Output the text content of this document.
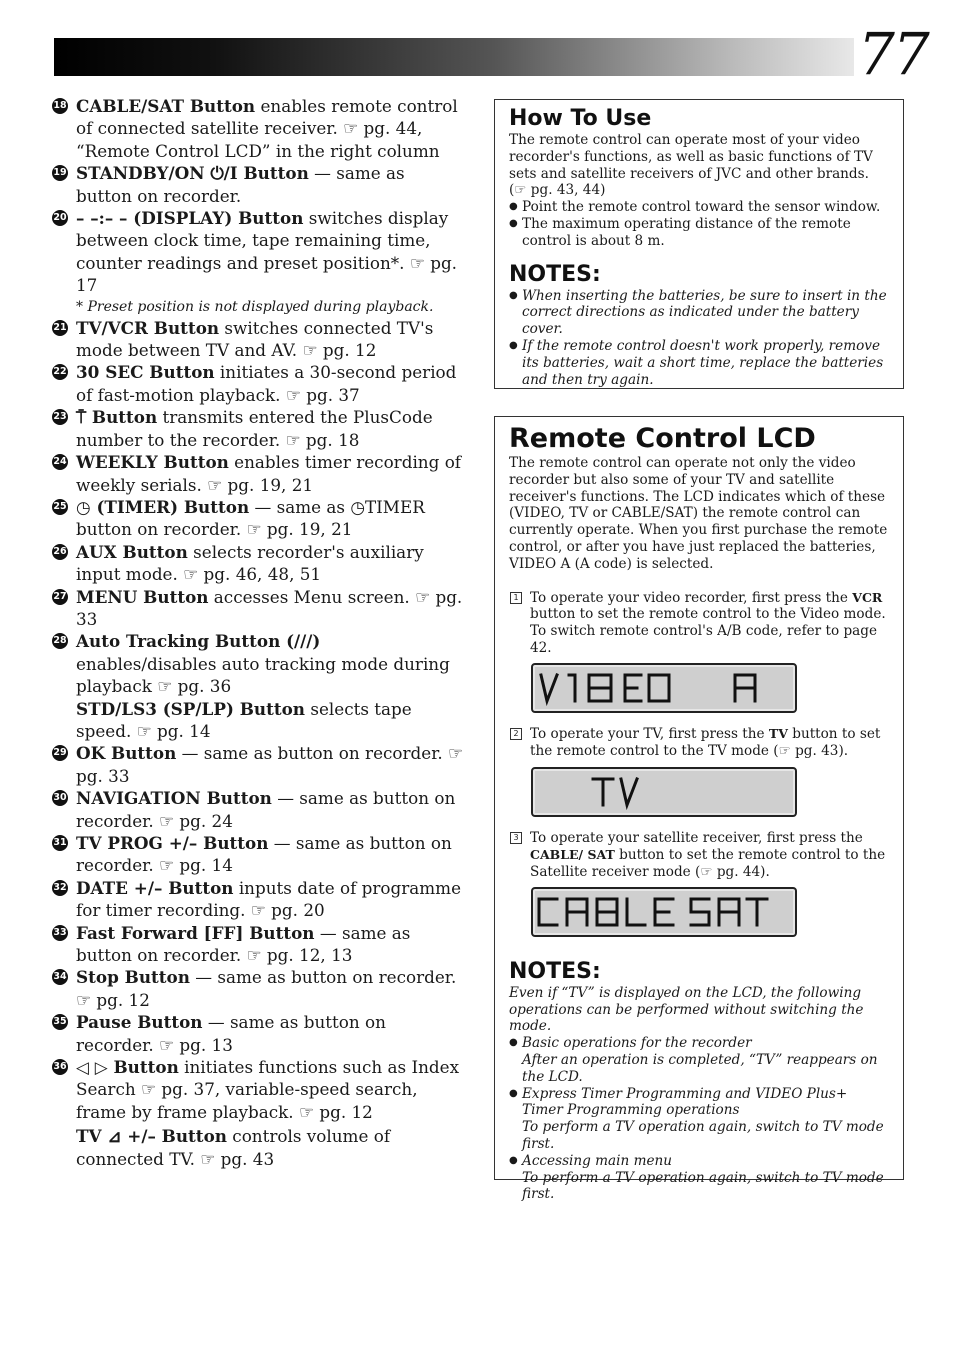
77
18 CABLE/SAT Button enables remote control of connected satellite receiver. ☞ pg. 44, “Remote Control LCD” in the right column
19 STANDBY/ON ⏻/I Button — same as button on recorder.
20 – –:– – (DISPLAY) Button switches display between clock time, tape remaining time, counter readings and preset position*. ☞ pg. 17
* Preset position is not displayed during playback.
21 TV/VCR Button switches connected TV's mode between TV and AV. ☞ pg. 12
22 30 SEC Button initiates a 30-second period of fast-motion playback. ☞ pg. 37
23 ⍑ Button transmits entered the PlusCode number to the recorder. ☞ pg. 18
24 WEEKLY Button enables timer recording of weekly serials. ☞ pg. 19, 21
25 ◷ (TIMER) Button — same as ◷TIMER button on recorder. ☞ pg. 19, 21
26 AUX Button selects recorder's auxiliary input mode. ☞ pg. 46, 48, 51
27 MENU Button accesses Menu screen. ☞ pg. 33
28 Auto Tracking Button (///) enables/disables auto tracking mode during playback ☞ pg. 36
STD/LS3 (SP/LP) Button selects tape speed. ☞ pg. 14
29 OK Button — same as button on recorder. ☞ pg. 33
30 NAVIGATION Button — same as button on recorder. ☞ pg. 24
31 TV PROG +/– Button — same as button on recorder. ☞ pg. 14
32 DATE +/– Button inputs date of programme for timer recording. ☞ pg. 20
33 Fast Forward [FF] Button — same as button on recorder. ☞ pg. 12, 13
34 Stop Button — same as button on recorder. ☞ pg. 12
35 Pause Button — same as button on recorder. ☞ pg. 13
36 ◁ ▷ Button initiates functions such as Index Search ☞ pg. 37, variable-speed search, frame by frame playback. ☞ pg. 12
TV ⊿ +/– Button controls volume of connected TV. ☞ pg. 43
How To Use
The remote control can operate most of your video recorder's functions, as well as basic functions of TV sets and satellite receivers of JVC and other brands.
(☞ pg. 43, 44)
● Point the remote control toward the sensor window.
● The maximum operating distance of the remote control is about 8 m.
NOTES:
● When inserting the batteries, be sure to insert in the correct directions as indicated under the battery cover.
● If the remote control doesn't work properly, remove its batteries, wait a short time, replace the batteries and then try again.
Remote Control LCD
The remote control can operate not only the video recorder but also some of your TV and satellite receiver's functions. The LCD indicates which of these (VIDEO, TV or CABLE/SAT) the remote control can currently operate. When you first purchase the remote control, or after you have just replaced the batteries, VIDEO A (A code) is selected.
1 To operate your video recorder, first press the VCR button to set the remote control to the Video mode.
To switch remote control's A/B code, refer to page 42.
2 To operate your TV, first press the TV button to set the remote control to the TV mode (☞ pg. 43).
3 To operate your satellite receiver, first press the CABLE/ SAT button to set the remote control to the Satellite receiver mode (☞ pg. 44).
NOTES:
Even if “TV” is displayed on the LCD, the following operations can be performed without switching the mode.
● Basic operations for the recorder
After an operation is completed, “TV” reappears on the LCD.
● Express Timer Programming and VIDEO Plus+ Timer Programming operations
To perform a TV operation again, switch to TV mode first.
● Accessing main menu
To perform a TV operation again, switch to TV mode first.
